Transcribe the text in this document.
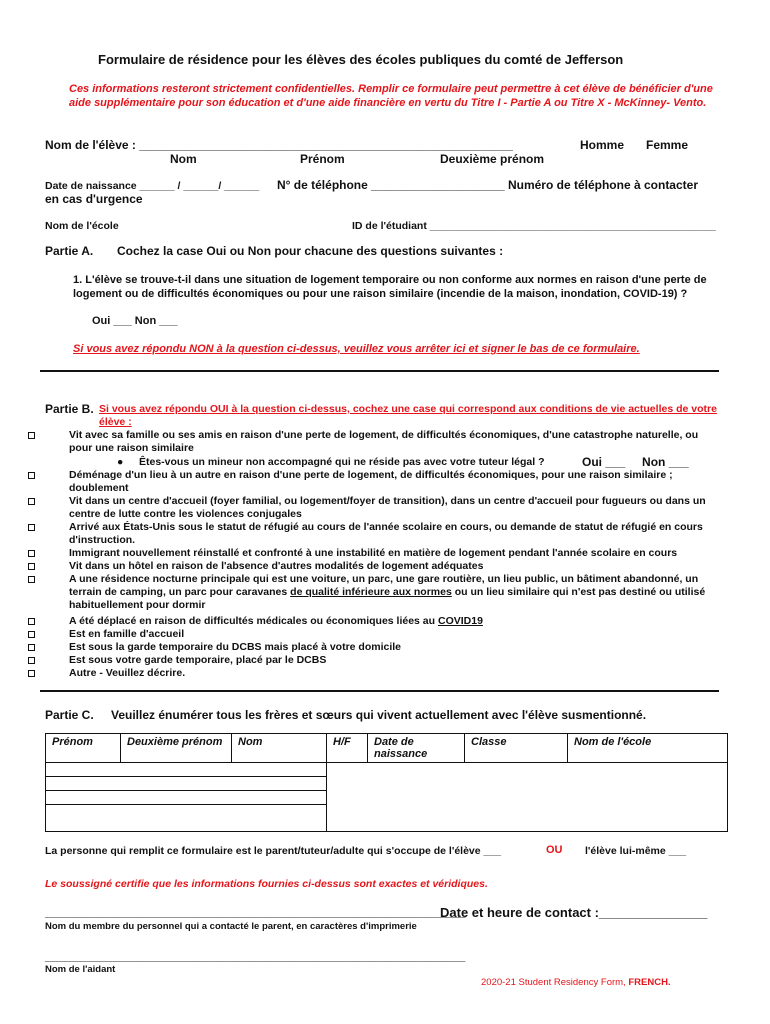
Formulaire de résidence pour les élèves des écoles publiques du comté de Jefferson
Ces informations resteront strictement confidentielles. Remplir ce formulaire peut permettre à cet élève de bénéficier d'une aide supplémentaire pour son éducation et d'une aide financière en vertu du Titre I - Partie A ou Titre X - McKinney- Vento.
Nom de l'élève : ________________________________________________________	Homme Femme
Nom	Prénom	Deuxième prénom
Date de naissance ______ / ______/ ______ N° de téléphone ____________________ Numéro de téléphone à contacter
en cas d'urgence
Nom de l'école	ID de l'étudiant _________________________________________________
Partie A. Cochez la case Oui ou Non pour chacune des questions suivantes :
1. L'élève se trouve-t-il dans une situation de logement temporaire ou non conforme aux normes en raison d'une perte de logement ou de difficultés économiques ou pour une raison similaire (incendie de la maison, inondation, COVID-19) ?
Oui ___ Non ___
Si vous avez répondu NON à la question ci-dessus, veuillez vous arrêter ici et signer le bas de ce formulaire.
Partie B. Si vous avez répondu OUI à la question ci-dessus, cochez une case qui correspond aux conditions de vie actuelles de votre élève :
Vit avec sa famille ou ses amis en raison d'une perte de logement, de difficultés économiques, d'une catastrophe naturelle, ou pour une raison similaire
● Êtes-vous un mineur non accompagné qui ne réside pas avec votre tuteur légal ?	Oui ___     Non ___
Déménage d'un lieu à un autre en raison d'une perte de logement, de difficultés économiques, pour une raison similaire ; doublement
Vit dans un centre d'accueil (foyer familial, ou logement/foyer de transition), dans un centre d'accueil pour fugueurs ou dans un centre de lutte contre les violences conjugales
Arrivé aux États-Unis sous le statut de réfugié au cours de l'année scolaire en cours, ou demande de statut de réfugié en cours d'instruction.
Immigrant nouvellement réinstallé et confronté à une instabilité en matière de logement pendant l'année scolaire en cours
Vit dans un hôtel en raison de l'absence d'autres modalités de logement adéquates
A une résidence nocturne principale qui est une voiture, un parc, une gare routière, un lieu public, un bâtiment abandonné, un terrain de camping, un parc pour caravanes de qualité inférieure aux normes ou un lieu similaire qui n'est pas destiné ou utilisé habituellement pour dormir
A été déplacé en raison de difficultés médicales ou économiques liées au COVID19
Est en famille d'accueil
Est sous la garde temporaire du DCBS mais placé à votre domicile
Est sous votre garde temporaire, placé par le DCBS
Autre - Veuillez décrire.
Partie C. Veuillez énumérer tous les frères et sœurs qui vivent actuellement avec l'élève susmentionné.
Prénom	Deuxième prénom	Nom	H/F	Date de naissance	Classe	Nom de l'école

La personne qui remplit ce formulaire est le parent/tuteur/adulte qui s'occupe de l'élève ___	OU l'élève lui-même ___
Le soussigné certifie que les informations fournies ci-dessus sont exactes et véridiques.
_______________________________________________________________
Date et heure de contact :_______________
Nom du membre du personnel qui a contacté le parent, en caractères d'imprimerie
_______________________________________________________________
Nom de l'aidant
2020-21 Student Residency Form, FRENCH.
